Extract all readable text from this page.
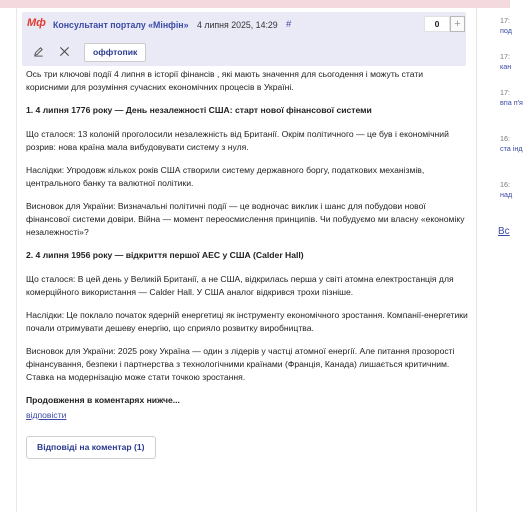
Мф Консультант порталу «Мінфін» 4 липня 2025, 14:29 #	0	+
оффтопик

Ось три ключові події 4 липня в історії фінансів , які мають значення для сьогодення і можуть стати корисними для розуміння сучасних економічних процесів в Україні.

1. 4 липня 1776 року — День незалежності США: старт нової фінансової системи

Що сталося: 13 колоній проголосили незалежність від Британії. Окрім політичного — це був і економічний розрив: нова країна мала вибудовувати систему з нуля.

Наслідки: Упродовж кількох років США створили систему державного боргу, податкових механізмів, центрального банку та валютної політики.

Висновок для України: Визначальні політичні події — це водночас виклик і шанс для побудови нової фінансової системи довіри. Війна — момент переосмислення принципів. Чи побудуємо ми власну «економіку незалежності»?

2. 4 липня 1956 року — відкриття першої АЕС у США (Calder Hall)

Що сталося: В цей день у Великій Британії, а не США, відкрилась перша у світі атомна електростанція для комерційного використання — Calder Hall. У США аналог відкрився трохи пізніше.

Наслідки: Це поклало початок ядерній енергетиці як інструменту економічного зростання. Компанії-енергетики почали отримувати дешеву енергію, що сприяло розвитку виробництва.

Висновок для України: 2025 року Україна — один з лідерів у частці атомної енергії. Але питання прозорості фінансування, безпеки і партнерства з технологічними країнами (Франція, Канада) лишається критичним. Ставка на модернізацію може стати точкою зростання.

Продовження в коментарях нижче...

відповісти
Відповіді на коментар (1)
17:
под
17:
кан
17:
впа п'я
16:
ста інд
16:
над
Вс
